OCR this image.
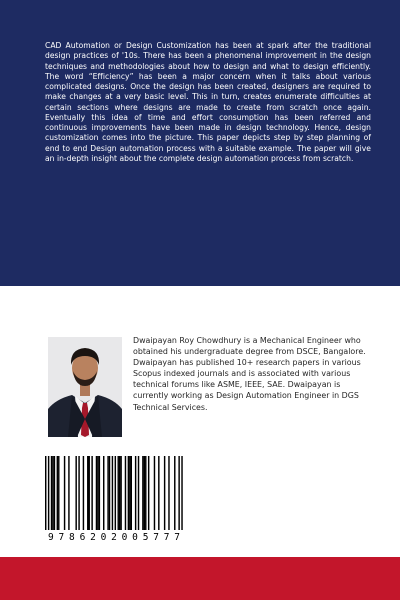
CAD Automation or Design Customization has been at spark after the traditional design practices of '10s. There has been a phenomenal improvement in the design techniques and methodologies about how to design and what to design efficiently. The word “Efficiency” has been a major concern when it talks about various complicated designs. Once the design has been created, designers are required to make changes at a very basic level. This in turn, creates enumerate difficulties at certain sections where designs are made to create from scratch once again. Eventually this idea of time and effort consumption has been referred and continuous improvements have been made in design technology. Hence, design customization comes into the picture. This paper depicts step by step planning of end to end Design automation process with a suitable example. The paper will give an in-depth insight about the complete design automation process from scratch.

Dwaipayan Roy Chowdhury is a Mechanical Engineer who obtained his undergraduate degree from DSCE, Bangalore. Dwaipayan has published 10+ research papers in various Scopus indexed journals and is associated with various technical forums like ASME, IEEE, SAE. Dwaipayan is currently working as Design Automation Engineer in DGS Technical Services.

9 7 8 6 2 0 2 0 0 5 7 7 7
